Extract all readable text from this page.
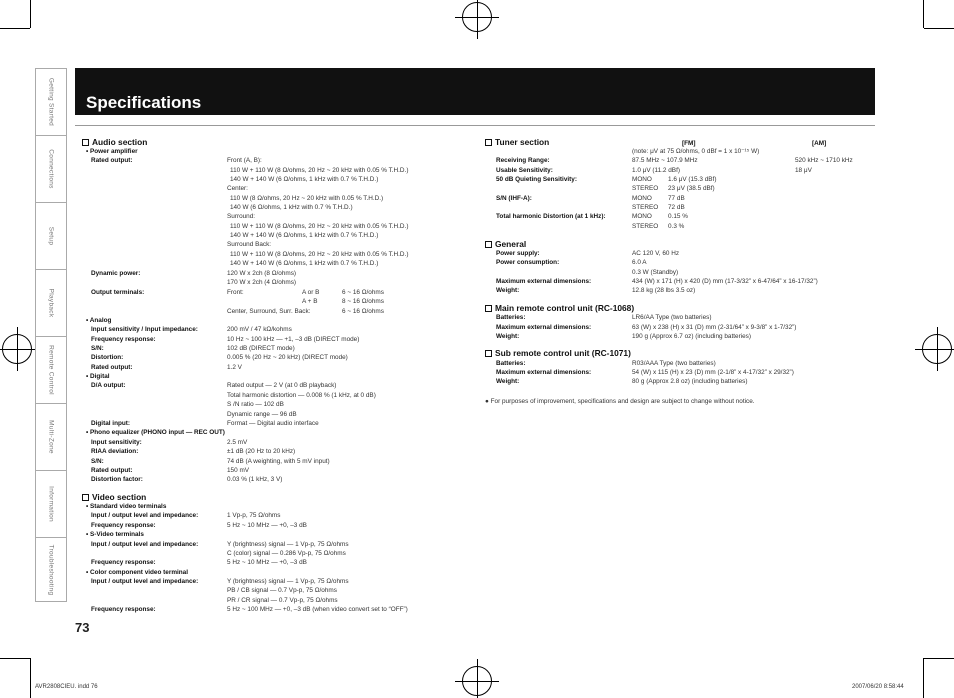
Getting Started
Connections
Setup
Playback
Remote Control
Multi-Zone
Information
Troubleshooting
Specifications
Audio section
• Power amplifier
Rated output:	Front (A, B):
110 W + 110 W (8 Ω/ohms, 20 Hz ~ 20 kHz with 0.05 % T.H.D.)
140 W + 140 W (6 Ω/ohms, 1 kHz with 0.7 % T.H.D.)
Center:
110 W (8 Ω/ohms, 20 Hz ~ 20 kHz with 0.05 % T.H.D.)
140 W (6 Ω/ohms, 1 kHz with 0.7 % T.H.D.)
Surround:
110 W + 110 W (8 Ω/ohms, 20 Hz ~ 20 kHz with 0.05 % T.H.D.)
140 W + 140 W (6 Ω/ohms, 1 kHz with 0.7 % T.H.D.)
Surround Back:
110 W + 110 W (8 Ω/ohms, 20 Hz ~ 20 kHz with 0.05 % T.H.D.)
140 W + 140 W (6 Ω/ohms, 1 kHz with 0.7 % T.H.D.)
Dynamic power:	120 W x 2ch (8 Ω/ohms)
170 W x 2ch (4 Ω/ohms)
Output terminals:	Front:	A or B	6 ~ 16 Ω/ohms
A + B	8 ~ 16 Ω/ohms
Center, Surround, Surr. Back:	6 ~ 16 Ω/ohms
• Analog
Input sensitivity / Input impedance:	200 mV / 47 kΩ/kohms
Frequency response:	10 Hz ~ 100 kHz — +1, –3 dB (DIRECT mode)
S/N:	102 dB (DIRECT mode)
Distortion:	0.005 % (20 Hz ~ 20 kHz) (DIRECT mode)
Rated output:	1.2 V
• Digital
D/A output:	Rated output — 2 V (at 0 dB playback)
Total harmonic distortion — 0.008 % (1 kHz, at 0 dB)
S /N ratio — 102 dB
Dynamic range — 96 dB
Digital input:	Format — Digital audio interface
• Phono equalizer (PHONO input — REC OUT)
Input sensitivity:	2.5 mV
RIAA deviation:	±1 dB (20 Hz to 20 kHz)
S/N:	74 dB (A weighting, with 5 mV input)
Rated output:	150 mV
Distortion factor:	0.03 % (1 kHz, 3 V)
Video section
• Standard video terminals
Input / output level and impedance:	1 Vp-p, 75 Ω/ohms
Frequency response:	5 Hz ~ 10 MHz — +0, –3 dB
• S-Video terminals
Input / output level and impedance:	Y (brightness) signal — 1 Vp-p, 75 Ω/ohms
C (color) signal — 0.286 Vp-p, 75 Ω/ohms
Frequency response:	5 Hz ~ 10 MHz — +0, –3 dB
• Color component video terminal
Input / output level and impedance:	Y (brightness) signal — 1 Vp-p, 75 Ω/ohms
PB / CB signal — 0.7 Vp-p, 75 Ω/ohms
PR / CR signal — 0.7 Vp-p, 75 Ω/ohms
Frequency response:	5 Hz ~ 100 MHz — +0, –3 dB (when video convert set to “OFF”)
Tuner section	[FM]	[AM]
(note: μV at 75 Ω/ohms, 0 dBf = 1 x 10⁻¹⁵ W)
Receiving Range:	87.5 MHz ~ 107.9 MHz	520 kHz ~ 1710 kHz
Usable Sensitivity:	1.0 μV (11.2 dBf)	18 μV
50 dB Quieting Sensitivity:	MONO	1.6 μV (15.3 dBf)
STEREO 23 μV (38.5 dBf)
S/N (IHF-A):	MONO	77 dB
STEREO 72 dB
Total harmonic Distortion (at 1 kHz):	MONO	0.15 %
STEREO 0.3 %
General
Power supply:	AC 120 V, 60 Hz
Power consumption:	6.0 A
0.3 W (Standby)
Maximum external dimensions:	434 (W) x 171 (H) x 420 (D) mm (17-3/32” x 6-47/64” x 16-17/32”)
Weight:	12.8 kg (28 lbs 3.5 oz)
Main remote control unit (RC-1068)
Batteries:	LR6/AA Type (two batteries)
Maximum external dimensions:	63 (W) x 238 (H) x 31 (D) mm (2-31/64” x 9-3/8” x 1-7/32”)
Weight:	190 g (Approx 6.7 oz) (including batteries)
Sub remote control unit (RC-1071)
Batteries:	R03/AAA Type (two batteries)
Maximum external dimensions:	54 (W) x 115 (H) x 23 (D) mm (2-1/8” x 4-17/32” x 29/32”)
Weight:	80 g (Approx 2.8 oz) (including batteries)
● For purposes of improvement, specifications and design are subject to change without notice.
73
AVR2808CIEU. indd 76	2007/06/20 8:58:44
